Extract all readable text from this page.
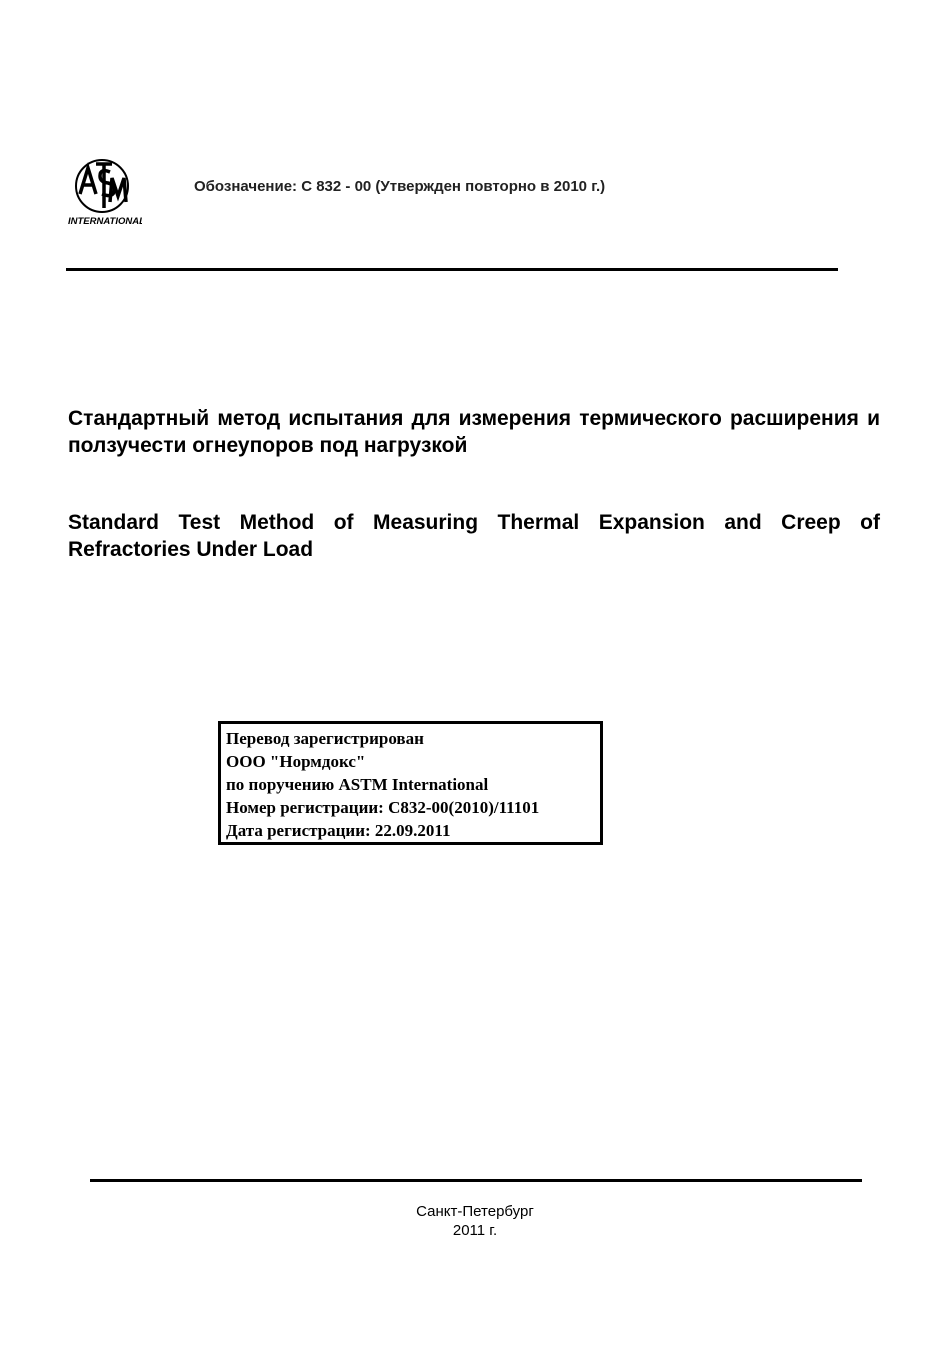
INTERNATIONAL
Обозначение: С 832 - 00 (Утвержден повторно в 2010 г.)
Стандартный метод испытания для измерения термического расширения и ползучести огнеупоров под нагрузкой
Standard Test Method of Measuring Thermal Expansion and Creep of Refractories Under Load
Перевод зарегистрирован
ООО "Нормдокс"
по поручению ASTM International
Номер регистрации: С832-00(2010)/11101
Дата регистрации: 22.09.2011
Санкт-Петербург
2011 г.
